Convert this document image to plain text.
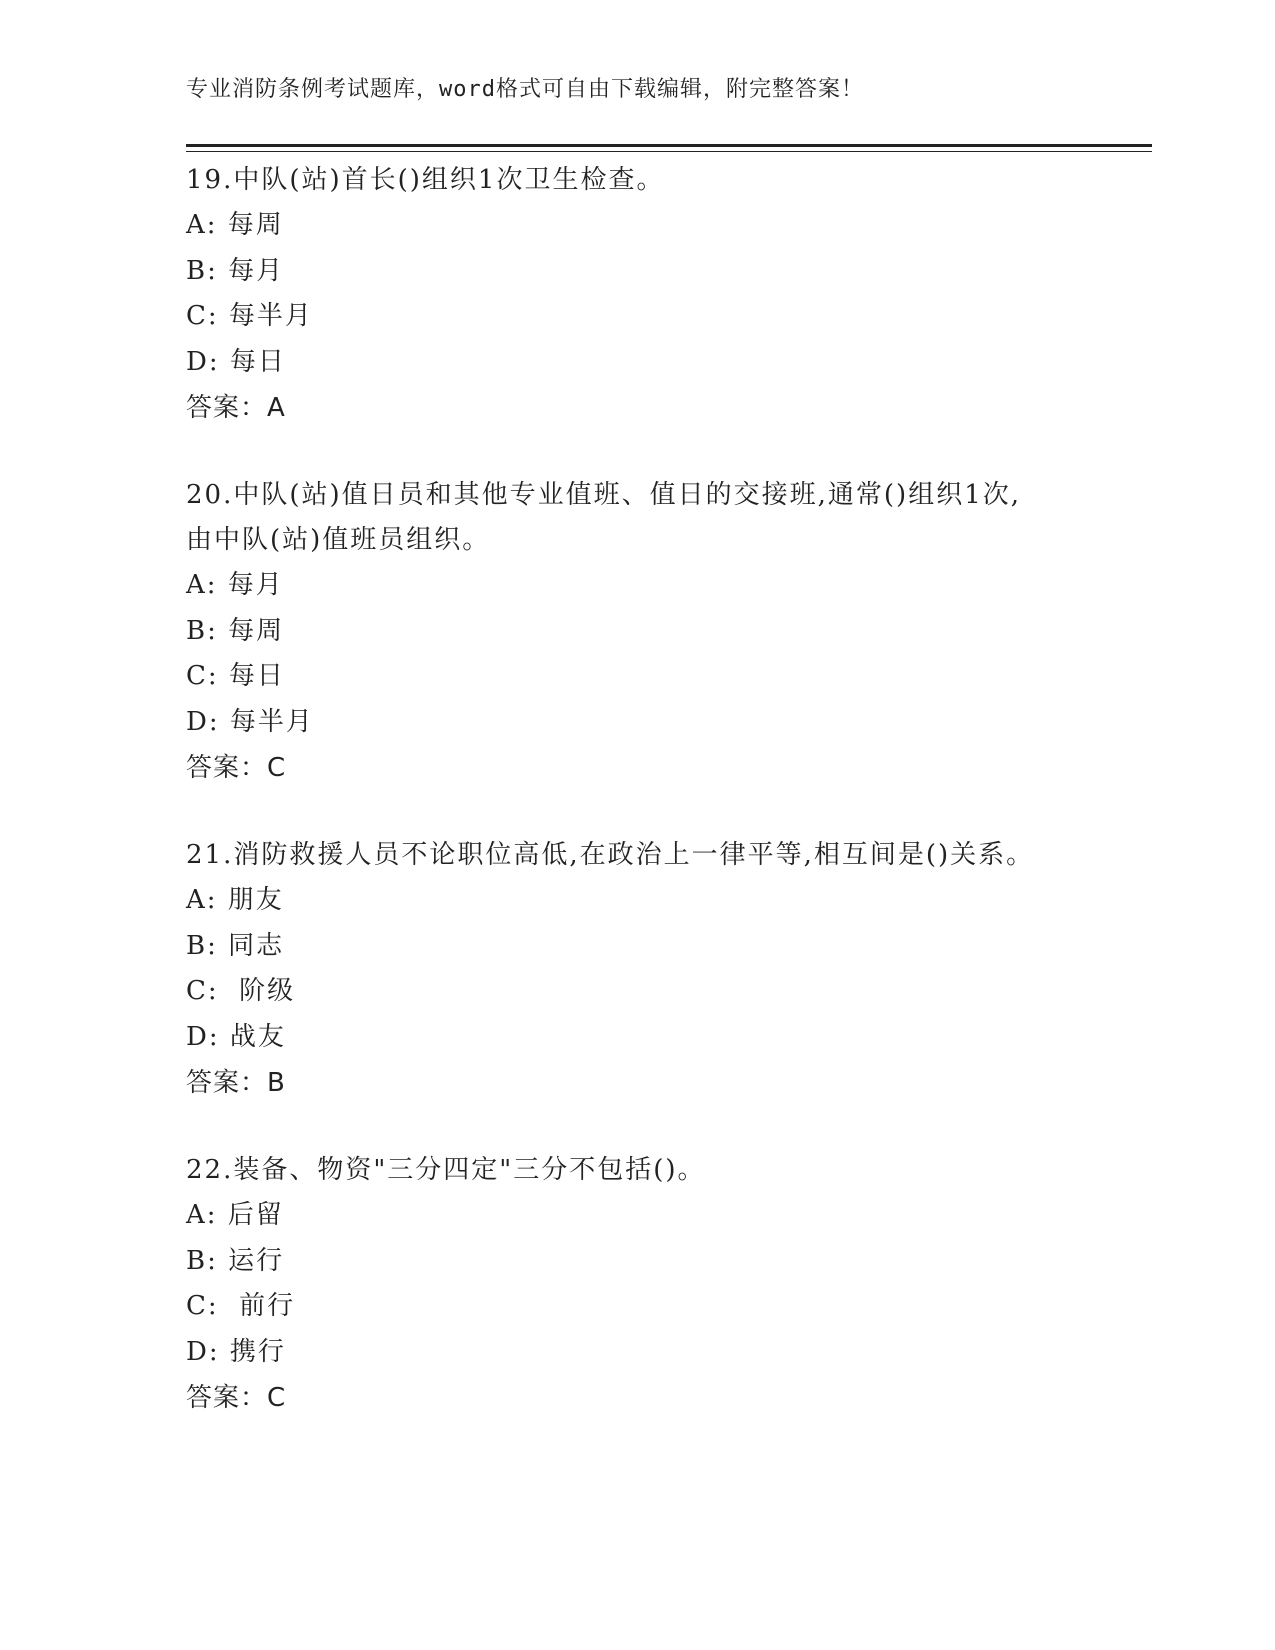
专业消防条例考试题库，word格式可自由下载编辑，附完整答案！

19.中队(站)首长()组织1次卫生检查。

A: 每周

B: 每月

C: 每半月

D: 每日

答案：A

20.中队(站)值日员和其他专业值班、值日的交接班,通常()组织1次,

由中队(站)值班员组织。

A: 每月

B: 每周

C: 每日

D: 每半月

答案：C

21.消防救援人员不论职位高低,在政治上一律平等,相互间是()关系。

A: 朋友

B: 同志

C:  阶级

D: 战友

答案：B

22.装备、物资"三分四定"三分不包括()。

A: 后留

B: 运行

C:  前行

D: 携行

答案：C
